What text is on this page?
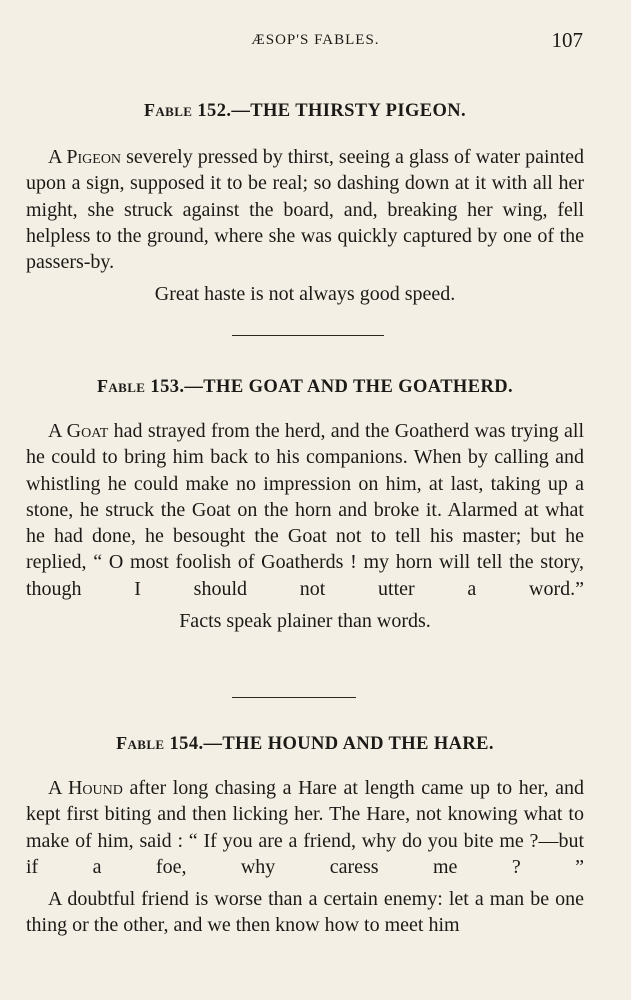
ÆSOP'S FABLES.	107
Fable 152.—THE THIRSTY PIGEON.

A Pigeon severely pressed by thirst, seeing a glass of water painted upon a sign, supposed it to be real; so dashing down at it with all her might, she struck against the board, and, breaking her wing, fell helpless to the ground, where she was quickly captured by one of the passers-by.

Great haste is not always good speed.

Fable 153.—THE GOAT AND THE GOATHERD.

A Goat had strayed from the herd, and the Goatherd was trying all he could to bring him back to his companions. When by calling and whistling he could make no impression on him, at last, taking up a stone, he struck the Goat on the horn and broke it. Alarmed at what he had done, he besought the Goat not to tell his master; but he replied, “ O most foolish of Goatherds ! my horn will tell the story, though I should not utter a word.”

Facts speak plainer than words.

Fable 154.—THE HOUND AND THE HARE.

A Hound after long chasing a Hare at length came up to her, and kept first biting and then licking her. The Hare, not knowing what to make of him, said : “ If you are a friend, why do you bite me ?—but if a foe, why caress me ? ”

A doubtful friend is worse than a certain enemy: let a man be one thing or the other, and we then know how to meet him
